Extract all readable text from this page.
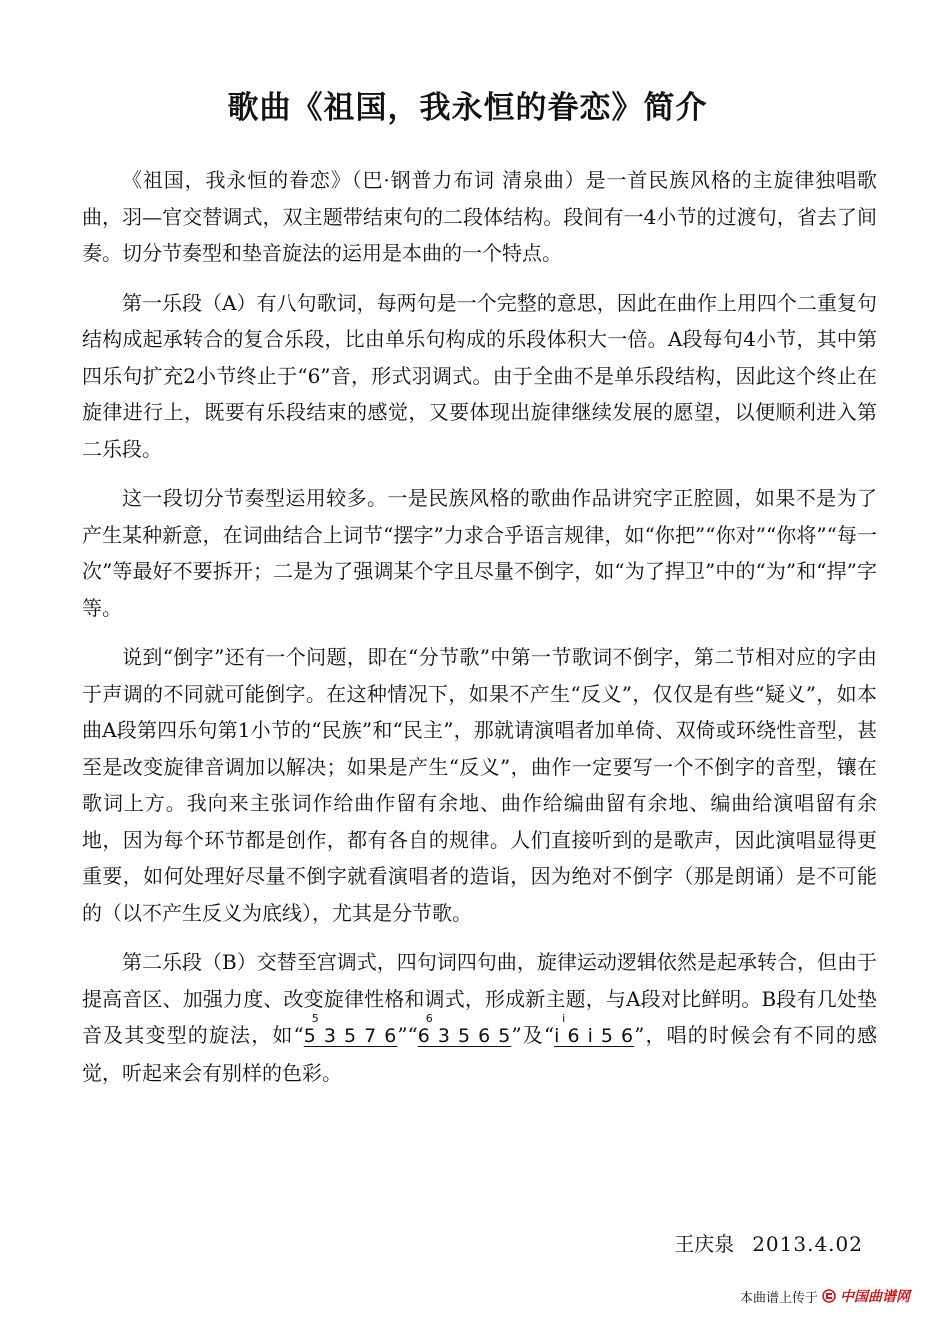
歌曲《祖国，我永恒的眷恋》简介

《祖国，我永恒的眷恋》（巴·钢普力布词 清泉曲）是一首民族风格的主旋律独唱歌曲，羽—官交替调式，双主题带结束句的二段体结构。段间有一4小节的过渡句，省去了间奏。切分节奏型和垫音旋法的运用是本曲的一个特点。

第一乐段（A）有八句歌词，每两句是一个完整的意思，因此在曲作上用四个二重复句结构成起承转合的复合乐段，比由单乐句构成的乐段体积大一倍。A段每句4小节，其中第四乐句扩充2小节终止于“6”音，形式羽调式。由于全曲不是单乐段结构，因此这个终止在旋律进行上，既要有乐段结束的感觉，又要体现出旋律继续发展的愿望，以便顺利进入第二乐段。

这一段切分节奏型运用较多。一是民族风格的歌曲作品讲究字正腔圆，如果不是为了产生某种新意，在词曲结合上词节“摆字”力求合乎语言规律，如“你把”“你对”“你将”“每一次”等最好不要拆开；二是为了强调某个字且尽量不倒字，如“为了捍卫”中的“为”和“捍”字等。

说到“倒字”还有一个问题，即在“分节歌”中第一节歌词不倒字，第二节相对应的字由于声调的不同就可能倒字。在这种情况下，如果不产生“反义”，仅仅是有些“疑义”，如本曲A段第四乐句第1小节的“民族”和“民主”，那就请演唱者加单倚、双倚或环绕性音型，甚至是改变旋律音调加以解决；如果是产生“反义”，曲作一定要写一个不倒字的音型，镶在歌词上方。我向来主张词作给曲作留有余地、曲作给编曲留有余地、编曲给演唱留有余地，因为每个环节都是创作，都有各自的规律。人们直接听到的是歌声，因此演唱显得更重要，如何处理好尽量不倒字就看演唱者的造诣，因为绝对不倒字（那是朗诵）是不可能的（以不产生反义为底线），尤其是分节歌。

第二乐段（B）交替至宫调式，四句词四句曲，旋律运动逻辑依然是起承转合，但由于提高音区、加强力度、改变旋律性格和调式，形成新主题，与A段对比鲜明。B段有几处垫音及其变型的旋法，如“
5
5 3 5 7 6”“
6
6 3 5 6 5”及“
i
i 6 i 5 6”，唱的时候会有不同的感觉，听起来会有别样的色彩。

王庆泉 2013.4.02

本曲谱上传于 中国曲谱网
